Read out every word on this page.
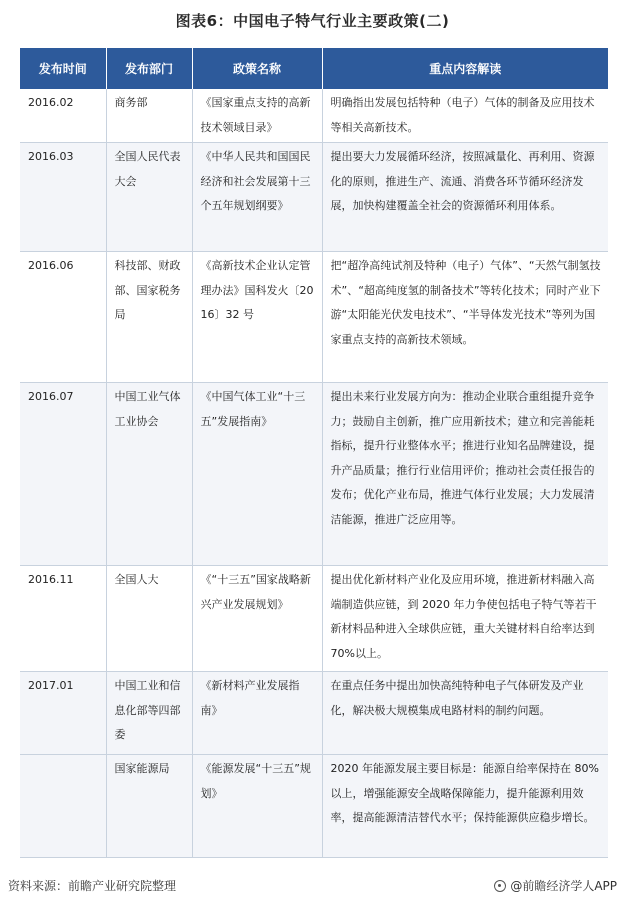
图表6：中国电子特气行业主要政策(二)
发布时间	发布部门	政策名称	重点内容解读
2016.02	商务部	《国家重点支持的高新技术领域目录》	明确指出发展包括特种（电子）气体的制备及应用技术等相关高新技术。
2016.03	全国人民代表大会	《中华人民共和国国民经济和社会发展第十三个五年规划纲要》	提出要大力发展循环经济，按照减量化、再利用、资源化的原则，推进生产、流通、消费各环节循环经济发展，加快构建覆盖全社会的资源循环利用体系。
2016.06	科技部、财政部、国家税务局	《高新技术企业认定管理办法》国科发火〔2016〕32 号	把“超净高纯试剂及特种（电子）气体”、“天然气制氢技术”、“超高纯度氢的制备技术”等转化技术；同时产业下游“太阳能光伏发电技术”、“半导体发光技术”等列为国家重点支持的高新技术领域。
2016.07	中国工业气体工业协会	《中国气体工业“十三五”发展指南》	提出未来行业发展方向为：推动企业联合重组提升竞争力；鼓励自主创新，推广应用新技术；建立和完善能耗指标，提升行业整体水平；推进行业知名品牌建设，提升产品质量；推行行业信用评价；推动社会责任报告的发布；优化产业布局，推进气体行业发展；大力发展清洁能源，推进广泛应用等。
2016.11	全国人大	《“十三五”国家战略新兴产业发展规划》	提出优化新材料产业化及应用环境，推进新材料融入高端制造供应链，到 2020 年力争使包括电子特气等若干新材料品种进入全球供应链，重大关键材料自给率达到 70%以上。
2017.01	中国工业和信息化部等四部委	《新材料产业发展指南》	在重点任务中提出加快高纯特种电子气体研发及产业化，解决极大规模集成电路材料的制约问题。
	国家能源局	《能源发展“十三五”规划》	2020 年能源发展主要目标是：能源自给率保持在 80%以上，增强能源安全战略保障能力，提升能源利用效率，提高能源清洁替代水平；保持能源供应稳步增长。
资料来源：前瞻产业研究院整理	@前瞻经济学人APP
